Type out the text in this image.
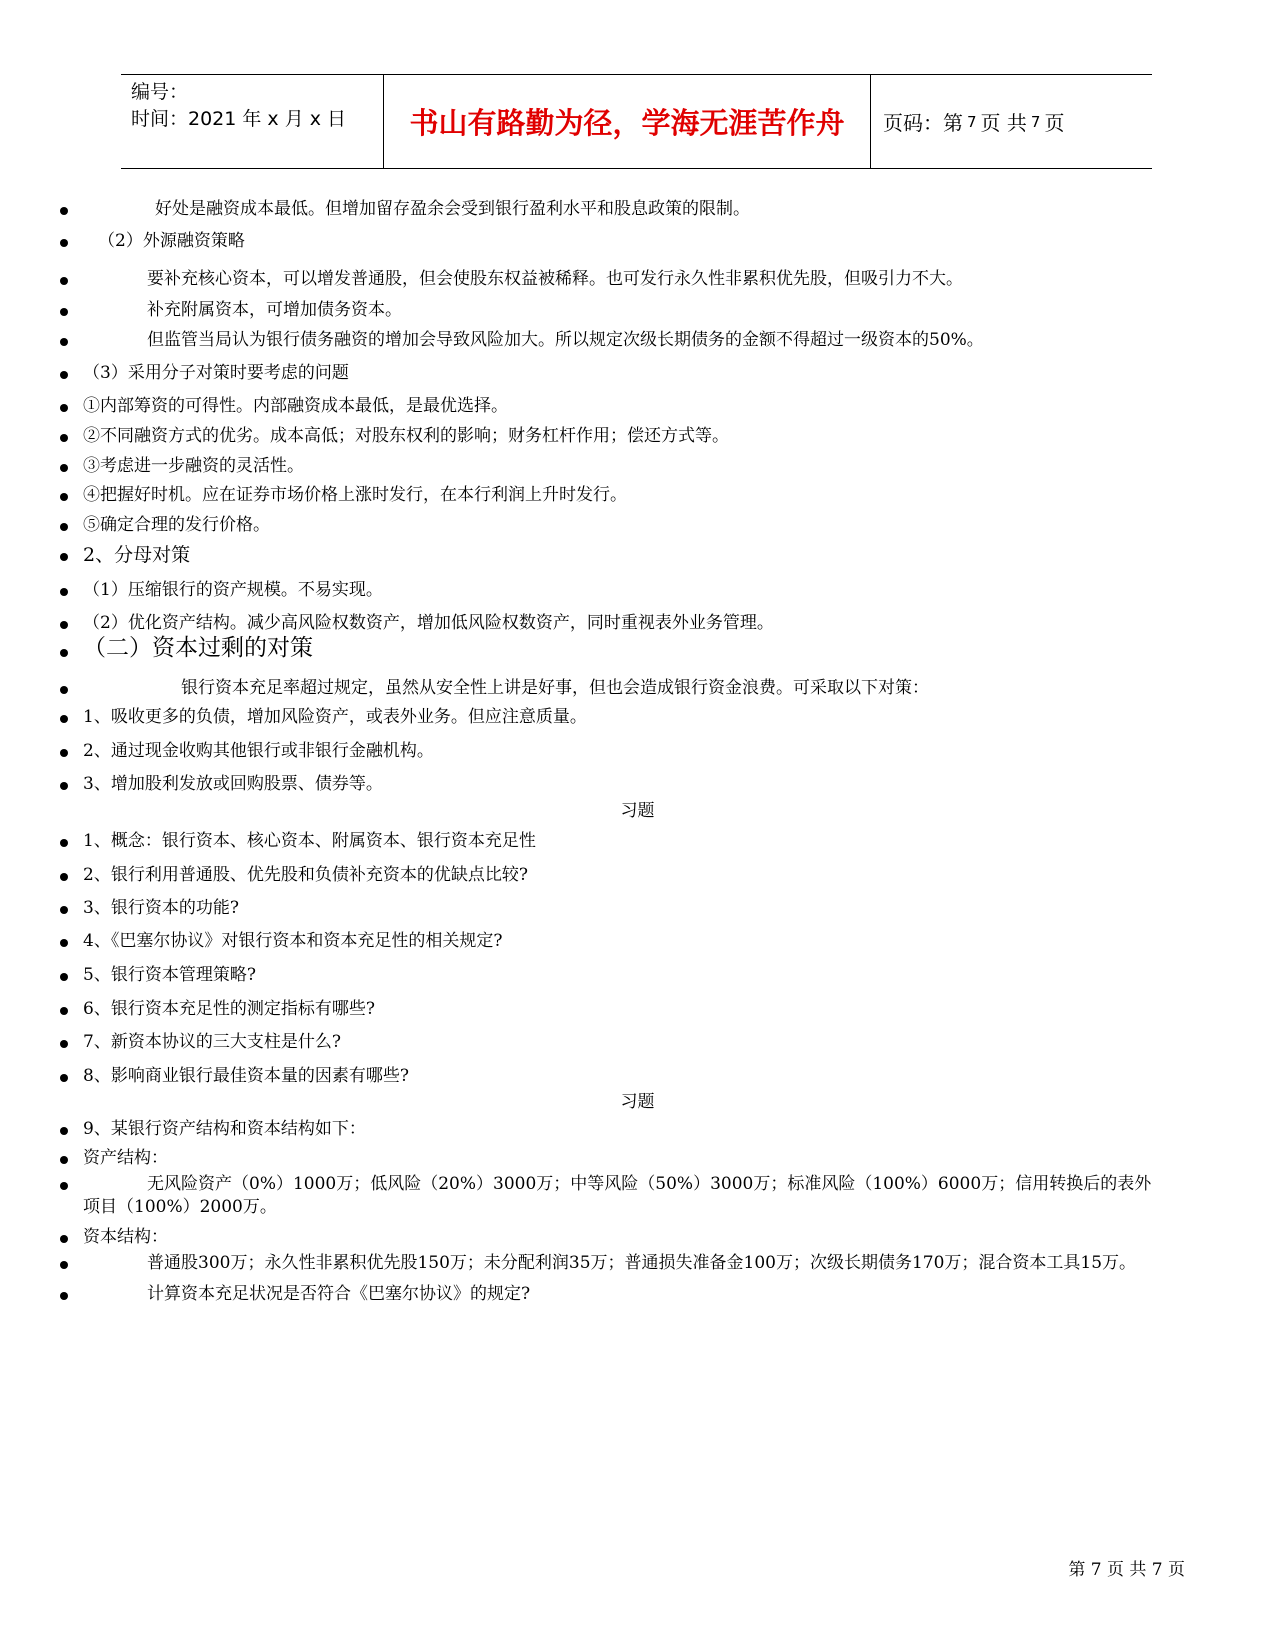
编号：
时间：2021 年 x 月 x 日	书山有路勤为径，学海无涯苦作舟	页码：第 7 页 共 7 页
好处是融资成本最低。但增加留存盈余会受到银行盈利水平和股息政策的限制。
（2）外源融资策略
要补充核心资本，可以增发普通股，但会使股东权益被稀释。也可发行永久性非累积优先股，但吸引力不大。
补充附属资本，可增加债务资本。
但监管当局认为银行债务融资的增加会导致风险加大。所以规定次级长期债务的金额不得超过一级资本的50%。
（3）采用分子对策时要考虑的问题
①内部筹资的可得性。内部融资成本最低，是最优选择。
②不同融资方式的优劣。成本高低；对股东权利的影响；财务杠杆作用；偿还方式等。
③考虑进一步融资的灵活性。
④把握好时机。应在证券市场价格上涨时发行，在本行利润上升时发行。
⑤确定合理的发行价格。
2、分母对策
（1）压缩银行的资产规模。不易实现。
（2）优化资产结构。减少高风险权数资产，增加低风险权数资产，同时重视表外业务管理。
（二）资本过剩的对策
银行资本充足率超过规定，虽然从安全性上讲是好事，但也会造成银行资金浪费。可采取以下对策：
1、吸收更多的负债，增加风险资产，或表外业务。但应注意质量。
2、通过现金收购其他银行或非银行金融机构。
3、增加股利发放或回购股票、债券等。
习题
1、概念：银行资本、核心资本、附属资本、银行资本充足性
2、银行利用普通股、优先股和负债补充资本的优缺点比较?
3、银行资本的功能?
4、《巴塞尔协议》对银行资本和资本充足性的相关规定?
5、银行资本管理策略?
6、银行资本充足性的测定指标有哪些?
7、新资本协议的三大支柱是什么?
8、影响商业银行最佳资本量的因素有哪些?
习题
9、某银行资产结构和资本结构如下：
资产结构：
无风险资产（0%）1000万；低风险（20%）3000万；中等风险（50%）3000万；标准风险（100%）6000万；信用转换后的表外项目（100%）2000万。
资本结构：
普通股300万；永久性非累积优先股150万；未分配利润35万；普通损失准备金100万；次级长期债务170万；混合资本工具15万。
计算资本充足状况是否符合《巴塞尔协议》的规定?
第 7 页 共 7 页
